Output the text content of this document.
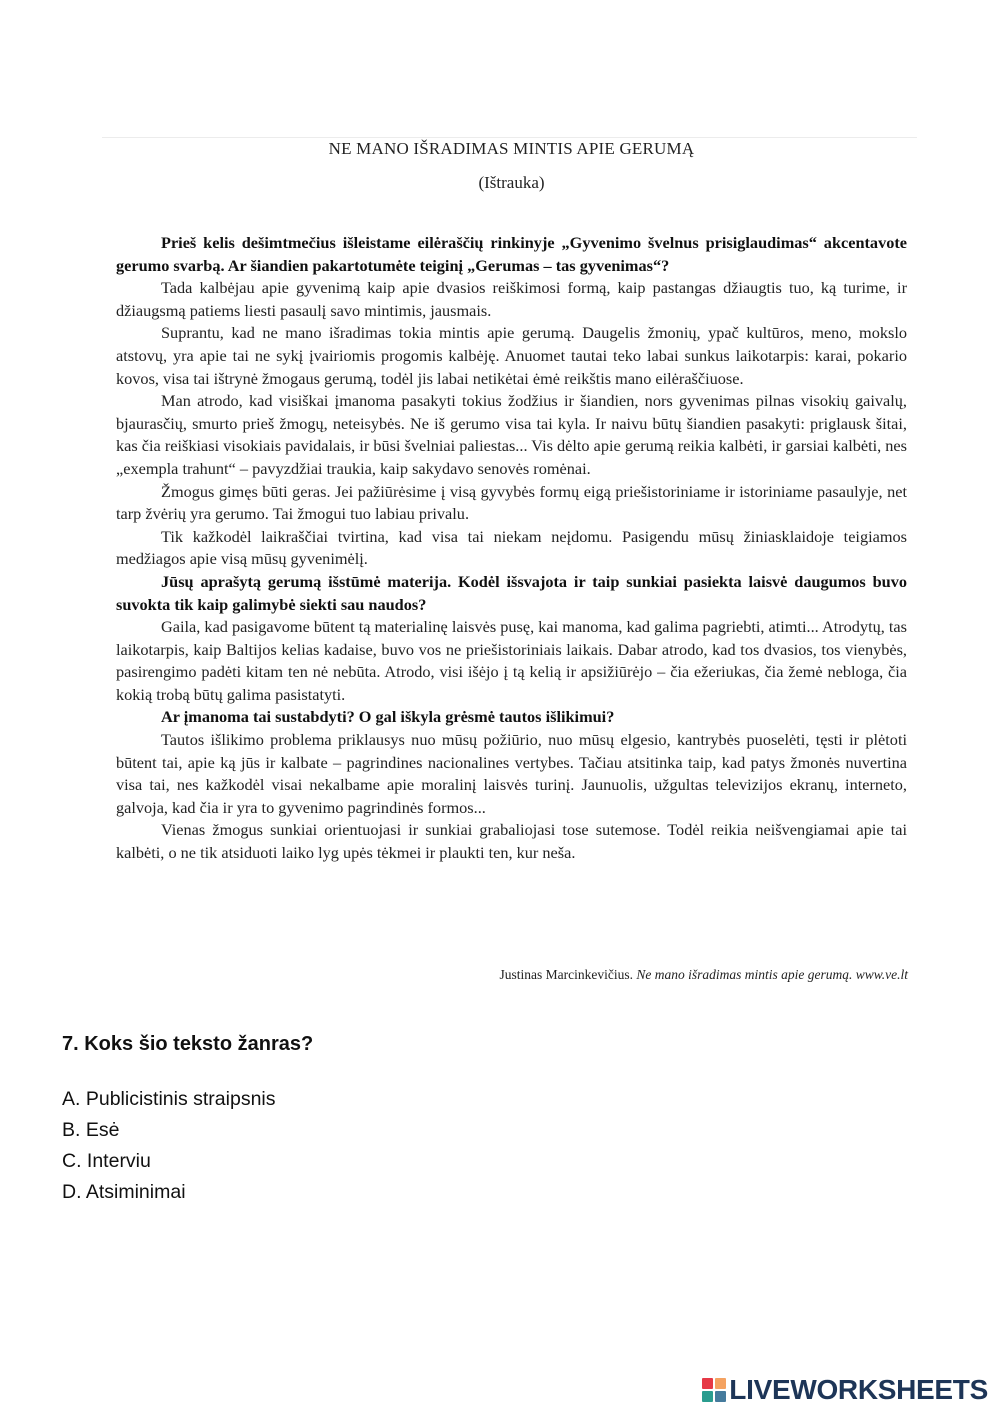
NE MANO IŠRADIMAS MINTIS APIE GERUMĄ

(Ištrauka)

Prieš kelis dešimtmečius išleistame eilėraščių rinkinyje „Gyvenimo švelnus prisiglaudimas“ akcentavote gerumo svarbą. Ar šiandien pakartotumėte teiginį „Gerumas – tas gyvenimas“?

Tada kalbėjau apie gyvenimą kaip apie dvasios reiškimosi formą, kaip pastangas džiaugtis tuo, ką turime, ir džiaugsmą patiems liesti pasaulį savo mintimis, jausmais.

Suprantu, kad ne mano išradimas tokia mintis apie gerumą. Daugelis žmonių, ypač kultūros, meno, mokslo atstovų, yra apie tai ne sykį įvairiomis progomis kalbėję. Anuomet tautai teko labai sunkus laikotarpis: karai, pokario kovos, visa tai ištrynė žmogaus gerumą, todėl jis labai netikėtai ėmė reikštis mano eilėraščiuose.

Man atrodo, kad visiškai įmanoma pasakyti tokius žodžius ir šiandien, nors gyvenimas pilnas visokių gaivalų, bjaurasčių, smurto prieš žmogų, neteisybės. Ne iš gerumo visa tai kyla. Ir naivu būtų šiandien pasakyti: priglausk šitai, kas čia reiškiasi visokiais pavidalais, ir būsi švelniai paliestas... Vis dėlto apie gerumą reikia kalbėti, ir garsiai kalbėti, nes „exempla trahunt“ – pavyzdžiai traukia, kaip sakydavo senovės romėnai.

Žmogus gimęs būti geras. Jei pažiūrėsime į visą gyvybės formų eigą priešistoriniame ir istoriniame pasaulyje, net tarp žvėrių yra gerumo. Tai žmogui tuo labiau privalu.

Tik kažkodėl laikraščiai tvirtina, kad visa tai niekam neįdomu. Pasigendu mūsų žiniasklaidoje teigiamos medžiagos apie visą mūsų gyvenimėlį.

Jūsų aprašytą gerumą išstūmė materija. Kodėl išsvajota ir taip sunkiai pasiekta laisvė daugumos buvo suvokta tik kaip galimybė siekti sau naudos?

Gaila, kad pasigavome būtent tą materialinę laisvės pusę, kai manoma, kad galima pagriebti, atimti... Atrodytų, tas laikotarpis, kaip Baltijos kelias kadaise, buvo vos ne priešistoriniais laikais. Dabar atrodo, kad tos dvasios, tos vienybės, pasirengimo padėti kitam ten nė nebūta. Atrodo, visi išėjo į tą kelią ir apsižiūrėjo – čia ežeriukas, čia žemė nebloga, čia kokią trobą būtų galima pasistatyti.

Ar įmanoma tai sustabdyti? O gal iškyla grėsmė tautos išlikimui?

Tautos išlikimo problema priklausys nuo mūsų požiūrio, nuo mūsų elgesio, kantrybės puoselėti, tęsti ir plėtoti būtent tai, apie ką jūs ir kalbate – pagrindines nacionalines vertybes. Tačiau atsitinka taip, kad patys žmonės nuvertina visa tai, nes kažkodėl visai nekalbame apie moralinį laisvės turinį. Jaunuolis, užgultas televizijos ekranų, interneto, galvoja, kad čia ir yra to gyvenimo pagrindinės formos...

Vienas žmogus sunkiai orientuojasi ir sunkiai grabaliojasi tose sutemose. Todėl reikia neišvengiamai apie tai kalbėti, o ne tik atsiduoti laiko lyg upės tėkmei ir plaukti ten, kur neša.

Justinas Marcinkevičius. Ne mano išradimas mintis apie gerumą. www.ve.lt

7. Koks šio teksto žanras?

A. Publicistinis straipsnis

B. Esė

C. Interviu

D. Atsiminimai

LIVEWORKSHEETS
